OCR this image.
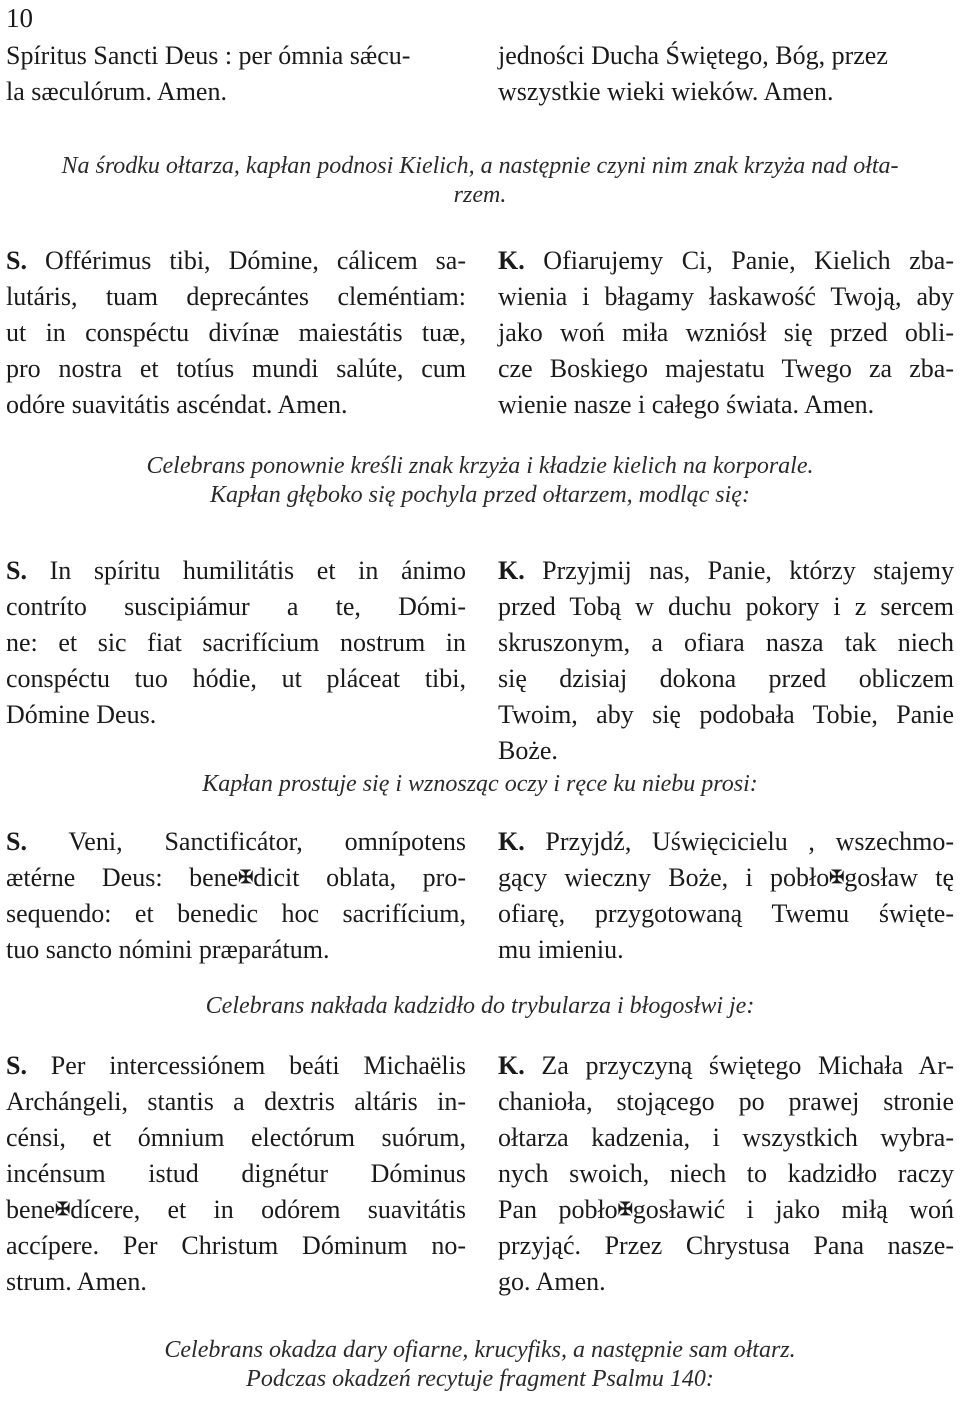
10
Spíritus Sancti Deus : per ómnia sǽcu-
la sæculórum. Amen.
jedności Ducha Świętego, Bóg, przez
wszystkie wieki wieków. Amen.
Na środku ołtarza, kapłan podnosi Kielich, a następnie czyni nim znak krzyża nad ołta-
rzem.
S. Offérimus tibi, Dómine, cálicem sa-
lutáris, tuam deprecántes cleméntiam:
ut in conspéctu divínæ maiestátis tuæ,
pro nostra et totíus mundi salúte, cum
odóre suavitátis ascéndat. Amen.
K. Ofiarujemy Ci, Panie, Kielich zba-
wienia i błagamy łaskawość Twoją, aby
jako woń miła wzniósł się przed obli-
cze Boskiego majestatu Twego za zba-
wienie nasze i całego świata. Amen.
Celebrans ponownie kreśli znak krzyża i kładzie kielich na korporale.
Kapłan głęboko się pochyla przed ołtarzem, modląc się:
S. In spíritu humilitátis et in ánimo
contríto suscipiámur a te, Dómi-
ne: et sic fiat sacrifícium nostrum in
conspéctu tuo hódie, ut pláceat tibi,
Dómine Deus.
K. Przyjmij nas, Panie, którzy stajemy
przed Tobą w duchu pokory i z sercem
skruszonym, a ofiara nasza tak niech
się dzisiaj dokona przed obliczem
Twoim, aby się podobała Tobie, Panie
Boże.
Kapłan prostuje się i wznosząc oczy i ręce ku niebu prosi:
S. Veni, Sanctificátor, omnípotens
ætérne Deus: bene✠dicit oblata, pro-
sequendo: et benedic hoc sacrifícium,
tuo sancto nómini præparátum.
K. Przyjdź, Uświęcicielu , wszechmo-
gący wieczny Boże, i pobło✠gosław tę
ofiarę, przygotowaną Twemu święte-
mu imieniu.
Celebrans nakłada kadzidło do trybularza i błogosłwi je:
S. Per intercessiónem beáti Michaëlis
Archángeli, stantis a dextris altáris in-
cénsi, et ómnium electórum suórum,
incénsum istud dignétur Dóminus
bene✠dícere, et in odórem suavitátis
accípere. Per Christum Dóminum no-
strum. Amen.
K. Za przyczyną świętego Michała Ar-
chanioła, stojącego po prawej stronie
ołtarza kadzenia, i wszystkich wybra-
nych swoich, niech to kadzidło raczy
Pan pobło✠gosławić i jako miłą woń
przyjąć. Przez Chrystusa Pana nasze-
go. Amen.
Celebrans okadza dary ofiarne, krucyfiks, a następnie sam ołtarz.
Podczas okadzeń recytuje fragment Psalmu 140:
